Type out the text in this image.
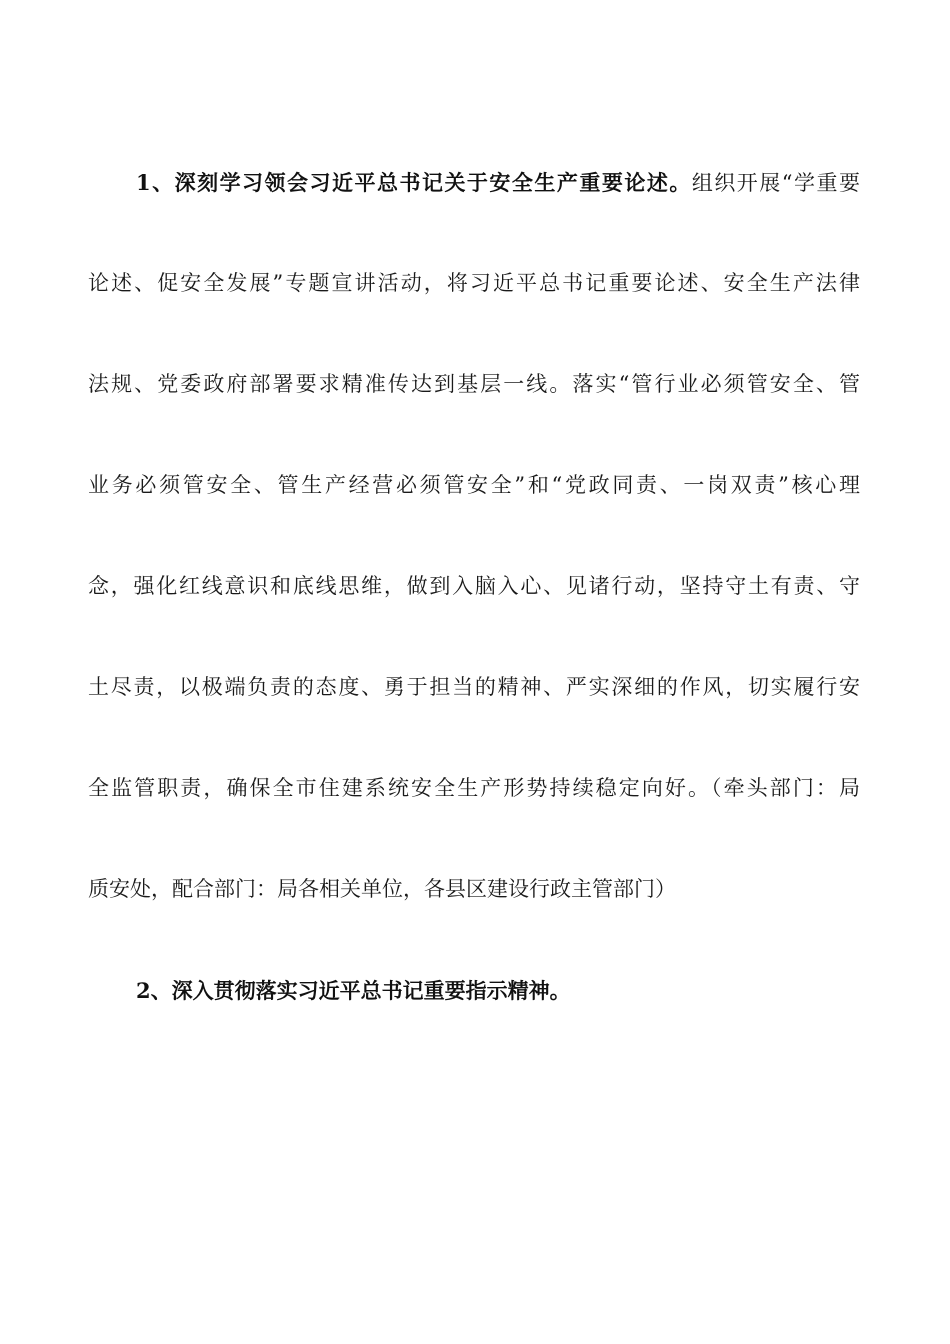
1、深刻学习领会习近平总书记关于安全生产重要论述。组织开展“学重要
论述、促安全发展”专题宣讲活动，将习近平总书记重要论述、安全生产法律
法规、党委政府部署要求精准传达到基层一线。落实“管行业必须管安全、管
业务必须管安全、管生产经营必须管安全”和“党政同责、一岗双责”核心理
念，强化红线意识和底线思维，做到入脑入心、见诸行动，坚持守土有责、守
土尽责，以极端负责的态度、勇于担当的精神、严实深细的作风，切实履行安
全监管职责，确保全市住建系统安全生产形势持续稳定向好。（牵头部门：局
质安处，配合部门：局各相关单位，各县区建设行政主管部门）
2、深入贯彻落实习近平总书记重要指示精神。
